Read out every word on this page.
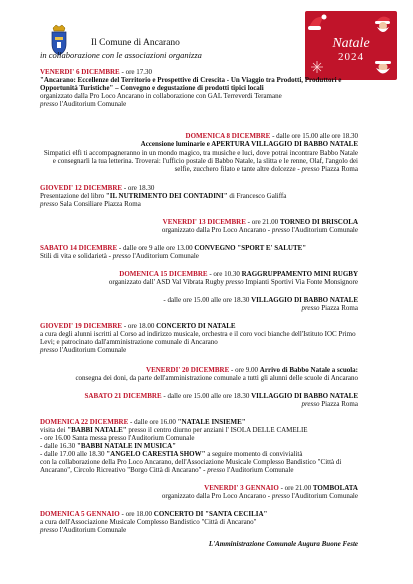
Il Comune di Ancarano
in collaborazione con le associazioni organizza
Natale
2024
VENERDI' 6 DICEMBRE - ore 17.30
"Ancarano: Eccellenze del Territorio e Prospettive di Crescita - Un Viaggio tra Prodotti, Produttori e
Opportunità Turistiche" – Convegno e degustazione di prodotti tipici locali
organizzato dalla Pro Loco Ancarano in collaborazione con GAL Terreverdi Teramane
presso l'Auditorium Comunale
DOMENICA 8 DICEMBRE - dalle ore 15.00 alle ore 18.30
Accensione luminarie e APERTURA VILLAGGIO DI BABBO NATALE
Simpatici elfi ti accompagneranno in un mondo magico, tra musiche e luci, dove potrai incontrare Babbo Natale
e consegnarli la tua letterina. Troverai: l'ufficio postale di Babbo Natale, la slitta e le renne, Olaf, l'angolo dei
selfie, zucchero filato e tante altre dolcezze - presso Piazza Roma
GIOVEDI' 12 DICEMBRE - ore 18.30
Presentazione del libro "IL NUTRIMENTO DEI CONTADINI" di Francesco Galiffa
presso Sala Consiliare Piazza Roma
VENERDI' 13 DICEMBRE - ore 21.00 TORNEO DI BRISCOLA
organizzato dalla Pro Loco Ancarano - presso l'Auditorium Comunale
SABATO 14 DICEMBRE - dalle ore 9 alle ore 13.00 CONVEGNO "SPORT E' SALUTE"
Stili di vita e solidarietà - presso l'Auditorium Comunale
DOMENICA 15 DICEMBRE - ore 10.30 RAGGRUPPAMENTO MINI RUGBY
organizzato dall' ASD Val Vibrata Rugby presso Impianti Sportivi Via Fonte Monsignore
- dalle ore 15.00 alle ore 18.30 VILLAGGIO DI BABBO NATALE
presso Piazza Roma
GIOVEDI' 19 DICEMBRE - ore 18.00 CONCERTO DI NATALE
a cura degli alunni iscritti al Corso ad indirizzo musicale, orchestra e il coro voci bianche dell'Istituto IOC Primo
Levi; e patrocinato dall'amministrazione comunale di Ancarano
presso l'Auditorium Comunale
VENERDI' 20 DICEMBRE - ore 9.00 Arrivo di Babbo Natale a scuola:
consegna dei doni, da parte dell'amministrazione comunale a tutti gli alunni delle scuole di Ancarano
SABATO 21 DICEMBRE - dalle ore 15.00 alle ore 18.30 VILLAGGIO DI BABBO NATALE
presso Piazza Roma
DOMENICA 22 DICEMBRE - dalle ore 16.00 "NATALE INSIEME"
visita dei "BABBI NATALE" presso il centro diurno per anziani l' ISOLA DELLE CAMELIE
- ore 16.00 Santa messa presso l'Auditorium Comunale
- dalle 16.30 "BABBI NATALE IN MUSICA"
- dalle 17.00 alle 18.30 "ANGELO CARESTIA SHOW" a seguire momento di convivialità
con la collaborazione della Pro Loco Ancarano, dell'Associazione Musicale Complesso Bandistico "Città di
Ancarano", Circolo Ricreativo "Borgo Città di Ancarano" - presso l'Auditorium Comunale
VENERDI' 3 GENNAIO - ore 21.00 TOMBOLATA
organizzato dalla Pro Loco Ancarano - presso l'Auditorium Comunale
DOMENICA 5 GENNAIO - ore 18.00 CONCERTO DI "SANTA CECILIA"
a cura dell'Associazione Musicale Complesso Bandistico "Città di Ancarano"
presso l'Auditorium Comunale
L'Amministrazione Comunale Augura Buone Feste
